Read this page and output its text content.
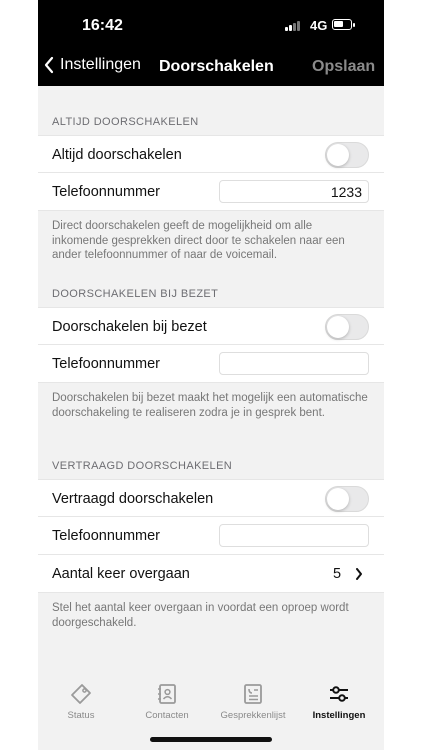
16:42	4G
Instellingen Doorschakelen Opslaan
ALTIJD DOORSCHAKELEN
Altijd doorschakelen
Telefoonnummer	1233
Direct doorschakelen geeft de mogelijkheid om alle inkomende gesprekken direct door te schakelen naar een ander telefoonnummer of naar de voicemail.
DOORSCHAKELEN BIJ BEZET
Doorschakelen bij bezet
Telefoonnummer
Doorschakelen bij bezet maakt het mogelijk een automatische doorschakeling te realiseren zodra je in gesprek bent.
VERTRAAGD DOORSCHAKELEN
Vertraagd doorschakelen
Telefoonnummer
Aantal keer overgaan	5
Stel het aantal keer overgaan in voordat een oproep wordt doorgeschakeld.
Status	Contacten	Gesprekkenlijst	Instellingen
